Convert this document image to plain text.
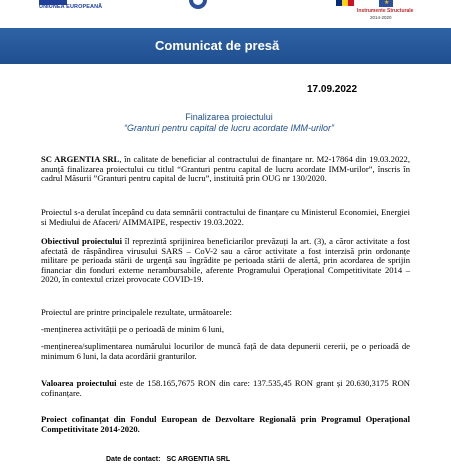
UNIUNEA EUROPEANĂ
★
Instrumente Structurale
2014-2020
Comunicat de presă
17.09.2022
Finalizarea proiectului
“Granturi pentru capital de lucru acordate IMM-urilor”
SC ARGENTIA SRL, în calitate de beneficiar al contractului de finanțare nr. M2-17864 din 19.03.2022, anunță finalizarea proiectului cu titlul “Granturi pentru capital de lucru acordate IMM-urilor”, înscris în cadrul Măsurii ”Granturi pentru capital de lucru”, instituită prin OUG nr 130/2020.
Proiectul s-a derulat începând cu data semnării contractului de finanțare cu Ministerul Economiei, Energiei si Mediului de Afaceri/ AIMMAIPE, respectiv 19.03.2022.
Obiectivul proiectului îl reprezintă sprijinirea beneficiarilor prevăzuți la art. (3), a căror activitate a fost afectată de răspândirea virusului SARS – CoV-2 sau a căror activitate a fost interzisă prin ordonanțe militare pe perioada stării de urgență sau îngrădite pe perioada stării de alertă, prin acordarea de sprijin financiar din fonduri externe nerambursabile, aferente Programului Operațional Competitivitate 2014 – 2020, în contextul crizei provocate COVID-19.
Proiectul are printre principalele rezultate, următoarele:
-menținerea activității pe o perioadă de minim 6 luni,
-menținerea/suplimentarea numărului locurilor de muncă față de data depunerii cererii, pe o perioadă de minimum 6 luni, la data acordării granturilor.
Valoarea proiectului este de 158.165,7675 RON din care: 137.535,45 RON grant și 20.630,3175 RON cofinanțare.
Proiect cofinanțat din Fondul European de Dezvoltare Regională prin Programul Operațional Competitivitate 2014-2020.
Date de contact: SC ARGENTIA SRL
